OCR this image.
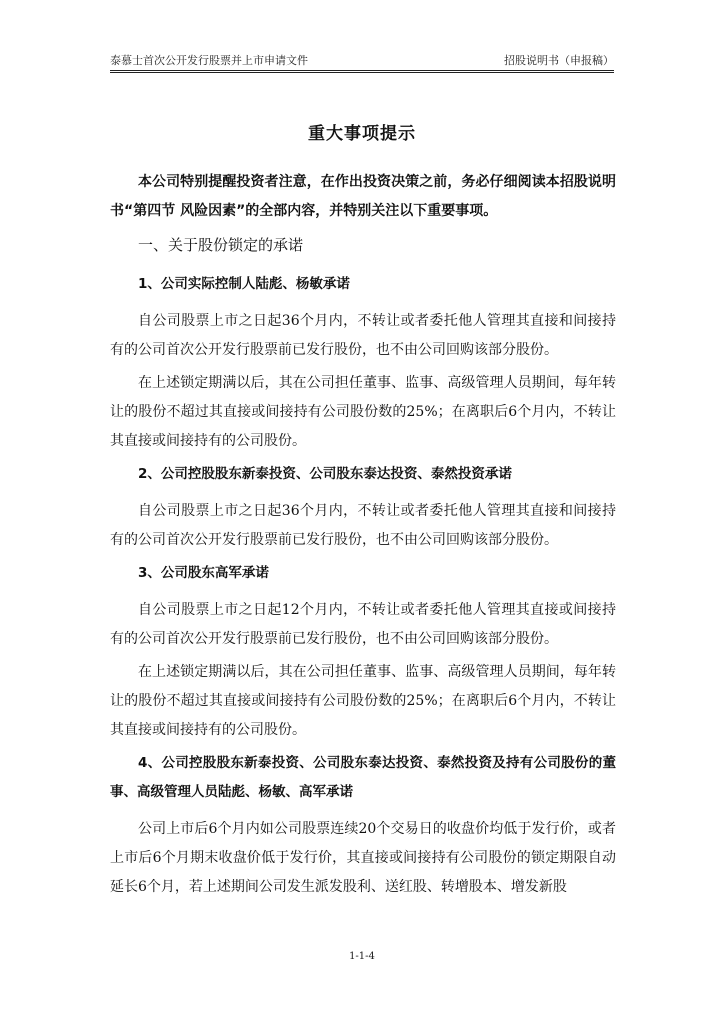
泰慕士首次公开发行股票并上市申请文件	招股说明书（申报稿）
重大事项提示

本公司特别提醒投资者注意，在作出投资决策之前，务必仔细阅读本招股说明书“第四节 风险因素”的全部内容，并特别关注以下重要事项。

一、关于股份锁定的承诺
1、公司实际控制人陆彪、杨敏承诺

自公司股票上市之日起36个月内，不转让或者委托他人管理其直接和间接持有的公司首次公开发行股票前已发行股份，也不由公司回购该部分股份。

在上述锁定期满以后，其在公司担任董事、监事、高级管理人员期间，每年转让的股份不超过其直接或间接持有公司股份数的25%；在离职后6个月内，不转让其直接或间接持有的公司股份。

2、公司控股股东新泰投资、公司股东泰达投资、泰然投资承诺

自公司股票上市之日起36个月内，不转让或者委托他人管理其直接和间接持有的公司首次公开发行股票前已发行股份，也不由公司回购该部分股份。

3、公司股东高军承诺

自公司股票上市之日起12个月内，不转让或者委托他人管理其直接或间接持有的公司首次公开发行股票前已发行股份，也不由公司回购该部分股份。

在上述锁定期满以后，其在公司担任董事、监事、高级管理人员期间，每年转让的股份不超过其直接或间接持有公司股份数的25%；在离职后6个月内，不转让其直接或间接持有的公司股份。

4、公司控股股东新泰投资、公司股东泰达投资、泰然投资及持有公司股份的董事、高级管理人员陆彪、杨敏、高军承诺

公司上市后6个月内如公司股票连续20个交易日的收盘价均低于发行价，或者上市后6个月期末收盘价低于发行价，其直接或间接持有公司股份的锁定期限自动延长6个月，若上述期间公司发生派发股利、送红股、转增股本、增发新股

1-1-4
